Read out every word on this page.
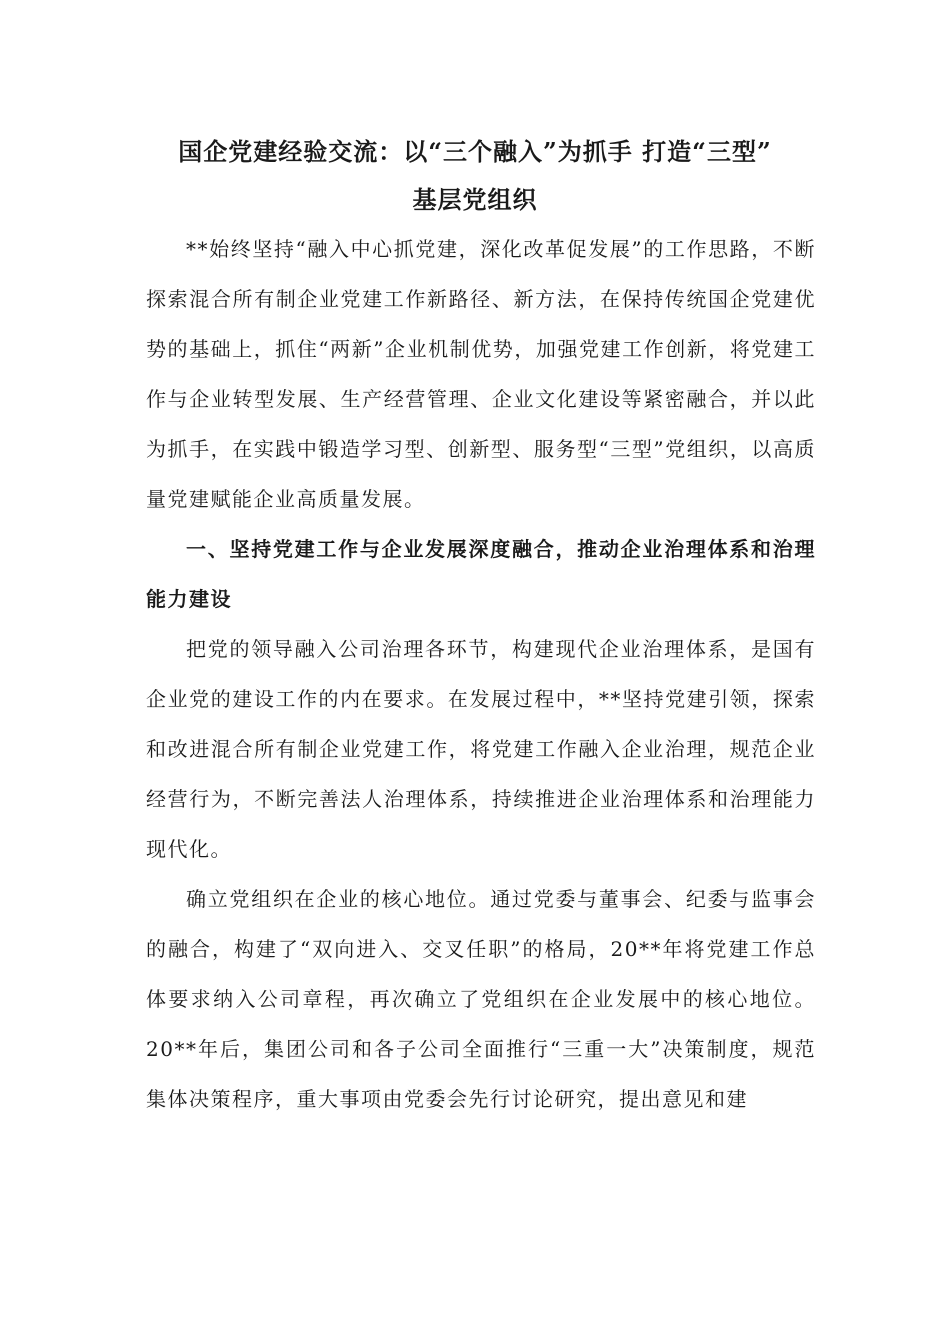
国企党建经验交流：以“三个融入”为抓手 打造“三型”
基层党组织

**始终坚持“融入中心抓党建，深化改革促发展”的工作思路，不断探索混合所有制企业党建工作新路径、新方法，在保持传统国企党建优势的基础上，抓住“两新”企业机制优势，加强党建工作创新，将党建工作与企业转型发展、生产经营管理、企业文化建设等紧密融合，并以此为抓手，在实践中锻造学习型、创新型、服务型“三型”党组织，以高质量党建赋能企业高质量发展。

一、坚持党建工作与企业发展深度融合，推动企业治理体系和治理能力建设

把党的领导融入公司治理各环节，构建现代企业治理体系，是国有企业党的建设工作的内在要求。在发展过程中，**坚持党建引领，探索和改进混合所有制企业党建工作，将党建工作融入企业治理，规范企业经营行为，不断完善法人治理体系，持续推进企业治理体系和治理能力现代化。

确立党组织在企业的核心地位。通过党委与董事会、纪委与监事会的融合，构建了“双向进入、交叉任职”的格局，20**年将党建工作总体要求纳入公司章程，再次确立了党组织在企业发展中的核心地位。20**年后，集团公司和各子公司全面推行“三重一大”决策制度，规范集体决策程序，重大事项由党委会先行讨论研究，提出意见和建
